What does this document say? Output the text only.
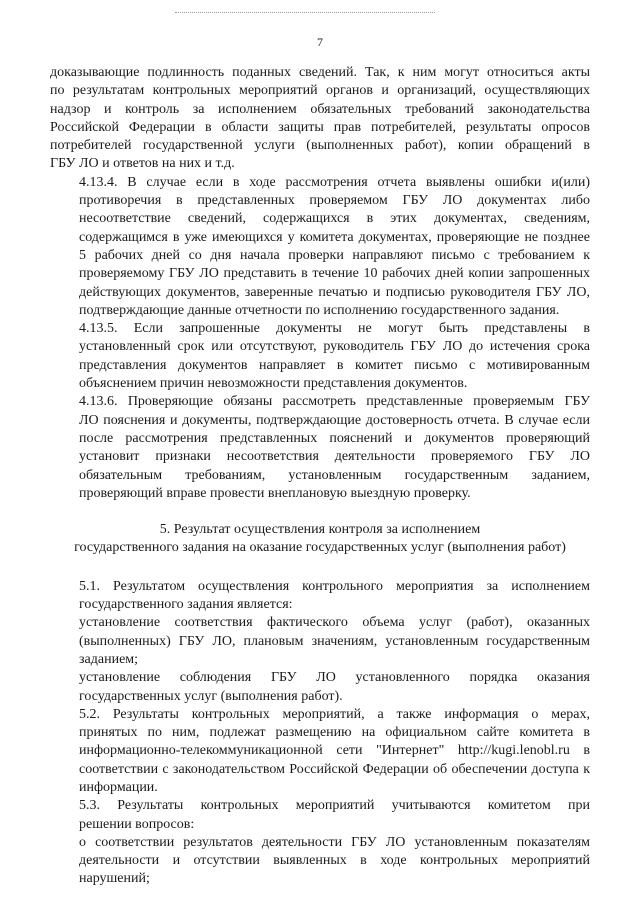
7
доказывающие подлинность поданных сведений. Так, к ним могут относиться акты
по результатам контрольных мероприятий органов и организаций, осуществляющих
надзор и контроль за исполнением обязательных требований законодательства
Российской Федерации в области защиты прав потребителей, результаты опросов
потребителей государственной услуги (выполненных работ), копии обращений в
ГБУ ЛО и ответов на них и т.д.
4.13.4. В случае если в ходе рассмотрения отчета выявлены ошибки и(или)
противоречия в представленных проверяемом ГБУ ЛО документах либо
несоответствие сведений, содержащихся в этих документах, сведениям,
содержащимся в уже имеющихся у комитета документах, проверяющие не позднее
5 рабочих дней со дня начала проверки направляют письмо с требованием к
проверяемому ГБУ ЛО представить в течение 10 рабочих дней копии запрошенных
действующих документов, заверенные печатью и подписью руководителя ГБУ ЛО,
подтверждающие данные отчетности по исполнению государственного задания.
4.13.5. Если запрошенные документы не могут быть представлены в
установленный срок или отсутствуют, руководитель ГБУ ЛО до истечения срока
представления документов направляет в комитет письмо с мотивированным
объяснением причин невозможности представления документов.
4.13.6. Проверяющие обязаны рассмотреть представленные проверяемым ГБУ
ЛО пояснения и документы, подтверждающие достоверность отчета. В случае если
после рассмотрения представленных пояснений и документов проверяющий
установит признаки несоответствия деятельности проверяемого ГБУ ЛО
обязательным требованиям, установленным государственным заданием,
проверяющий вправе провести внеплановую выездную проверку.
5. Результат осуществления контроля за исполнением
государственного задания на оказание государственных услуг (выполнения работ)
5.1. Результатом осуществления контрольного мероприятия за исполнением
государственного задания является:
установление соответствия фактического объема услуг (работ), оказанных
(выполненных) ГБУ ЛО, плановым значениям, установленным государственным
заданием;
установление соблюдения ГБУ ЛО установленного порядка оказания
государственных услуг (выполнения работ).
5.2. Результаты контрольных мероприятий, а также информация о мерах,
принятых по ним, подлежат размещению на официальном сайте комитета в
информационно-телекоммуникационной сети "Интернет" http://kugi.lenobl.ru в
соответствии с законодательством Российской Федерации об обеспечении доступа к
информации.
5.3. Результаты контрольных мероприятий учитываются комитетом при
решении вопросов:
о соответствии результатов деятельности ГБУ ЛО установленным показателям
деятельности и отсутствии выявленных в ходе контрольных мероприятий
нарушений;
